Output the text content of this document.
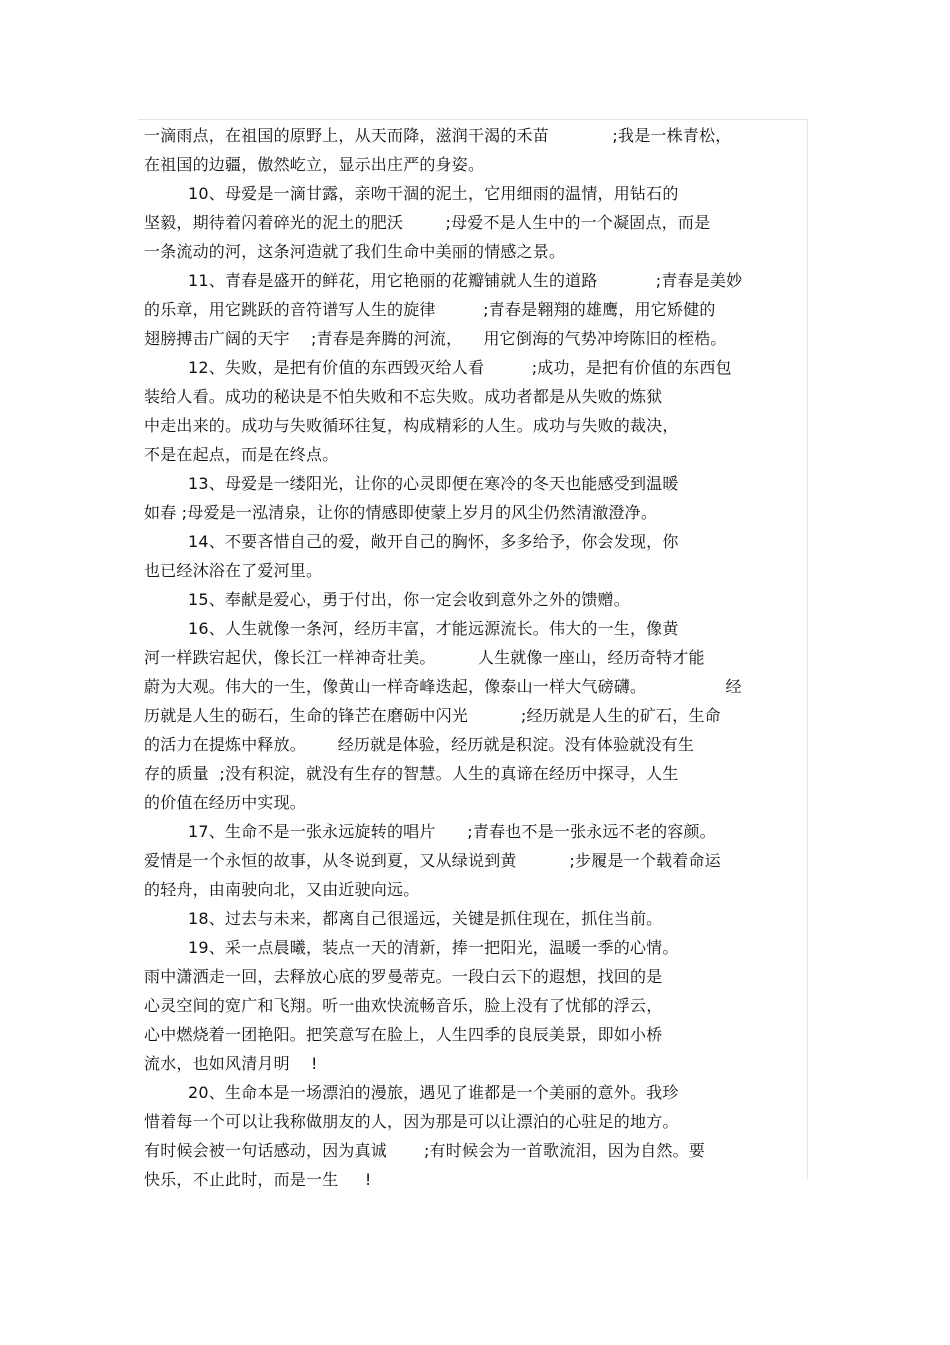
一滴雨点，在祖国的原野上，从天而降，滋润干渴的禾苗            ;我是一株青松，
在祖国的边疆，傲然屹立，显示出庄严的身姿。
10、母爱是一滴甘露，亲吻干涸的泥土，它用细雨的温情，用钻石的
坚毅，期待着闪着碎光的泥土的肥沃        ;母爱不是人生中的一个凝固点，而是
一条流动的河，这条河造就了我们生命中美丽的情感之景。
11、青春是盛开的鲜花，用它艳丽的花瓣铺就人生的道路           ;青春是美妙
的乐章，用它跳跃的音符谱写人生的旋律         ;青春是翱翔的雄鹰，用它矫健的
翅膀搏击广阔的天宇    ;青春是奔腾的河流，    用它倒海的气势冲垮陈旧的桎梏。
12、失败，是把有价值的东西毁灭给人看         ;成功，是把有价值的东西包
装给人看。成功的秘诀是不怕失败和不忘失败。成功者都是从失败的炼狱
中走出来的。成功与失败循环往复，构成精彩的人生。成功与失败的裁决，
不是在起点，而是在终点。
13、母爱是一缕阳光，让你的心灵即便在寒冷的冬天也能感受到温暖
如春 ;母爱是一泓清泉，让你的情感即使蒙上岁月的风尘仍然清澈澄净。
14、不要吝惜自己的爱，敞开自己的胸怀，多多给予，你会发现，你
也已经沐浴在了爱河里。
15、奉献是爱心，勇于付出，你一定会收到意外之外的馈赠。
16、人生就像一条河，经历丰富，才能远源流长。伟大的一生，像黄
河一样跌宕起伏，像长江一样神奇壮美。        人生就像一座山，经历奇特才能
蔚为大观。伟大的一生，像黄山一样奇峰迭起，像泰山一样大气磅礴。               经
历就是人生的砺石，生命的锋芒在磨砺中闪光          ;经历就是人生的矿石，生命
的活力在提炼中释放。      经历就是体验，经历就是积淀。没有体验就没有生
存的质量  ;没有积淀，就没有生存的智慧。人生的真谛在经历中探寻，人生
的价值在经历中实现。
17、生命不是一张永远旋转的唱片      ;青春也不是一张永远不老的容颜。
爱情是一个永恒的故事，从冬说到夏，又从绿说到黄          ;步履是一个载着命运
的轻舟，由南驶向北，又由近驶向远。
18、过去与未来，都离自己很遥远，关键是抓住现在，抓住当前。
19、采一点晨曦，装点一天的清新，捧一把阳光，温暖一季的心情。
雨中潇洒走一回，去释放心底的罗曼蒂克。一段白云下的遐想，找回的是
心灵空间的宽广和飞翔。听一曲欢快流畅音乐，脸上没有了忧郁的浮云，
心中燃烧着一团艳阳。把笑意写在脸上，人生四季的良辰美景，即如小桥
流水，也如风清月明    !
20、生命本是一场漂泊的漫旅，遇见了谁都是一个美丽的意外。我珍
惜着每一个可以让我称做朋友的人，因为那是可以让漂泊的心驻足的地方。
有时候会被一句话感动，因为真诚       ;有时候会为一首歌流泪，因为自然。要
快乐，不止此时，而是一生     !
